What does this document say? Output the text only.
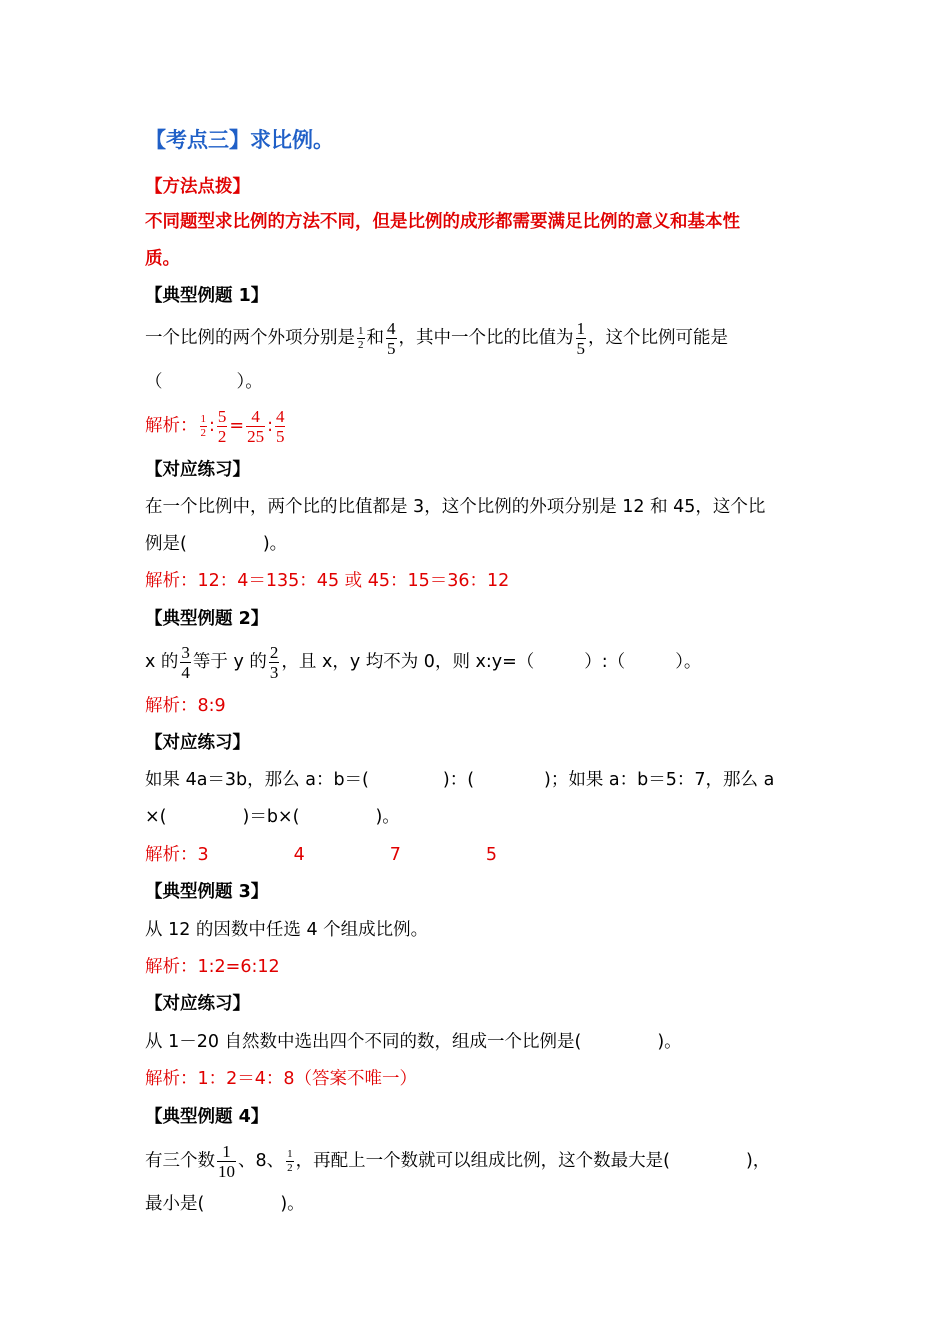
【考点三】求比例。
【方法点拨】
不同题型求比例的方法不同，但是比例的成形都需要满足比例的意义和基本性
质。
【典型例题 1】
一个比例的两个外项分别是 $\frac{1}{2}$ 和 $\frac{4}{5}$ ，其中一个比的比值为 $\frac{1}{5}$ ，这个比例可能是
（	）。
解析： $\frac{1}{2}$ : $\frac{5}{2} = \frac{4}{25}$ : $\frac{4}{5}$
【对应练习】
在一个比例中，两个比的比值都是 3，这个比例的外项分别是 12 和 45，这个比
例是(	)。
解析：12：4＝135：45 或 45：15＝36：12
【典型例题 2】
x 的 $\frac{3}{4}$ 等于 y 的 $\frac{2}{3}$ ，且 x，y 均不为 0，则 x:y=（	）:（	）。
解析：8:9
【对应练习】
如果 4a＝3b，那么 a：b＝(	)：(	)；如果 a：b＝5：7，那么 a
×(	)＝b×(	)。
解析：3	4	7	5
【典型例题 3】
从 12 的因数中任选 4 个组成比例。
解析：1:2=6:12
【对应练习】
从 1－20 自然数中选出四个不同的数，组成一个比例是(	)。
解析：1：2＝4：8（答案不唯一）
【典型例题 4】
有三个数 $\frac{1}{10}$ 、8、 $\frac{1}{2}$ ，再配上一个数就可以组成比例，这个数最大是(	)，
最小是(	)。
